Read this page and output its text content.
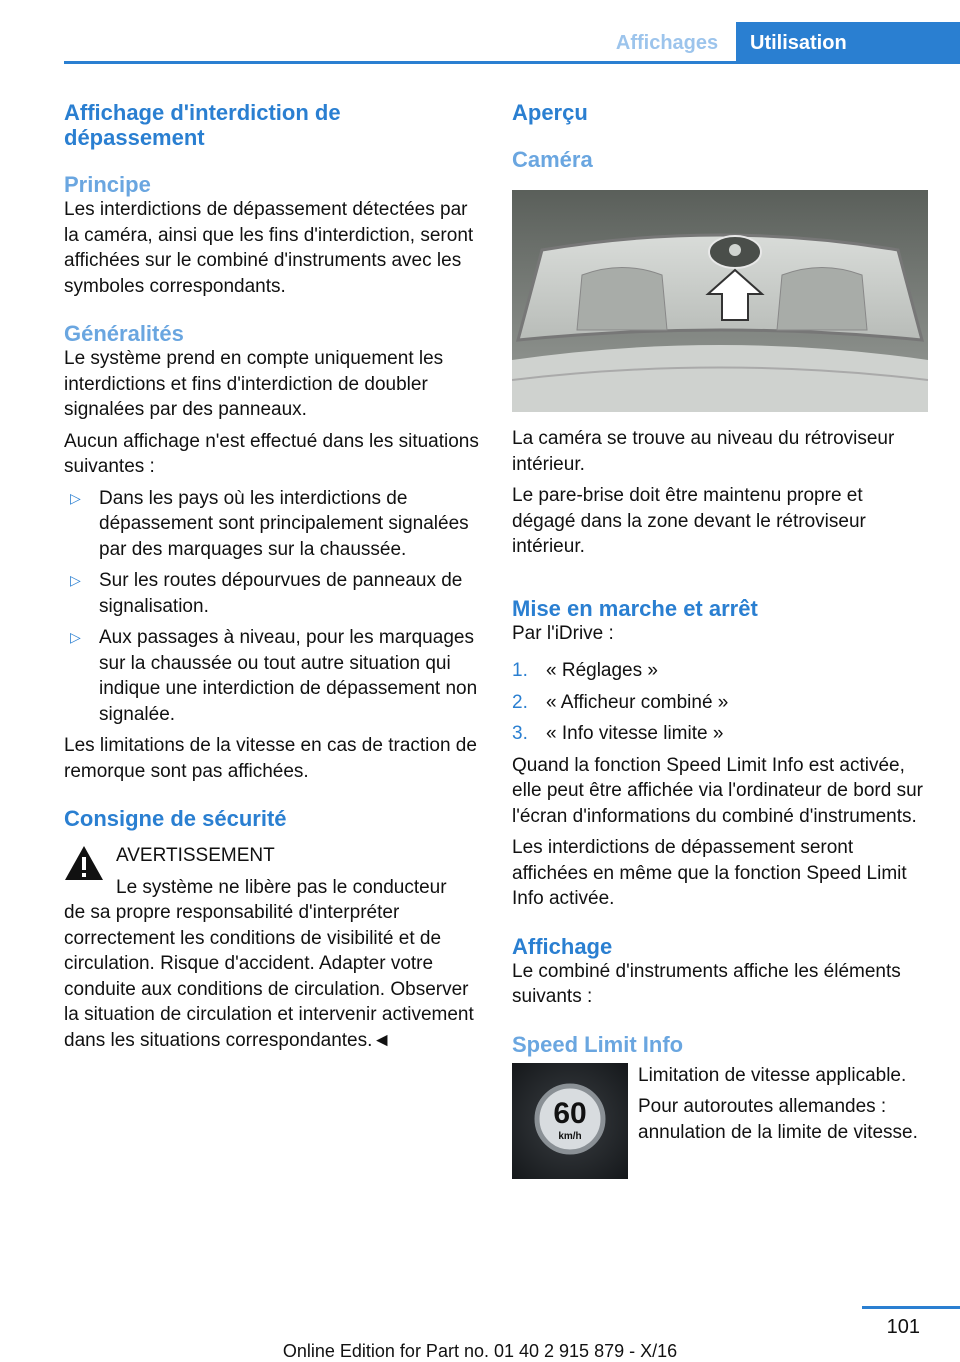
Affichages	Utilisation
Affichage d'interdiction de dépassement
Principe

Les interdictions de dépassement détectées par la caméra, ainsi que les fins d'interdiction, seront affichées sur le combiné d'instruments avec les symboles correspondants.

Généralités

Le système prend en compte uniquement les interdictions et fins d'interdiction de doubler signalées par des panneaux.

Aucun affichage n'est effectué dans les situations suivantes :

▷ Dans les pays où les interdictions de dépassement sont principalement signalées par des marquages sur la chaussée.
▷ Sur les routes dépourvues de panneaux de signalisation.
▷ Aux passages à niveau, pour les marquages sur la chaussée ou tout autre situation qui indique une interdiction de dépassement non signalée.

Les limitations de la vitesse en cas de traction de remorque sont pas affichées.

Consigne de sécurité

AVERTISSEMENT

Le système ne libère pas le conducteur

de sa propre responsabilité d'interpréter correctement les conditions de visibilité et de circulation. Risque d'accident. Adapter votre conduite aux conditions de circulation. Observer la situation de circulation et intervenir activement dans les situations correspondantes.◄

Aperçu
Caméra

La caméra se trouve au niveau du rétroviseur intérieur.

Le pare-brise doit être maintenu propre et dégagé dans la zone devant le rétroviseur intérieur.

Mise en marche et arrêt

Par l'iDrive :

1. « Réglages »
2. « Afficheur combiné »
3. « Info vitesse limite »

Quand la fonction Speed Limit Info est activée, elle peut être affichée via l'ordinateur de bord sur l'écran d'informations du combiné d'instruments.

Les interdictions de dépassement seront affichées en même que la fonction Speed Limit Info activée.

Affichage

Le combiné d'instruments affiche les éléments suivants :

Speed Limit Info
60
km/h

Limitation de vitesse applicable.

Pour autoroutes allemandes : annulation de la limite de vitesse.

101
Online Edition for Part no. 01 40 2 915 879 - X/16
